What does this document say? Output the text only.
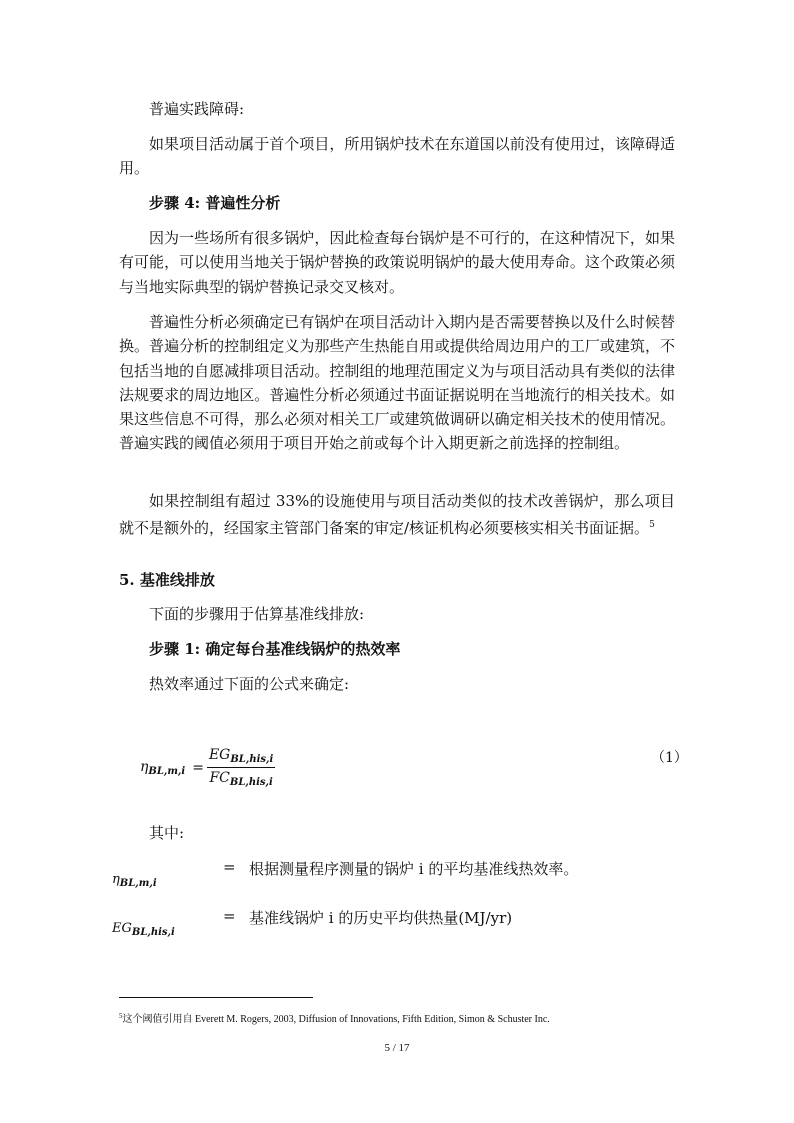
普遍实践障碍:

如果项目活动属于首个项目，所用锅炉技术在东道国以前没有使用过，该障碍适用。

步骤 4: 普遍性分析

因为一些场所有很多锅炉，因此检查每台锅炉是不可行的，在这种情况下，如果有可能，可以使用当地关于锅炉替换的政策说明锅炉的最大使用寿命。这个政策必须与当地实际典型的锅炉替换记录交叉核对。

普遍性分析必须确定已有锅炉在项目活动计入期内是否需要替换以及什么时候替换。普遍分析的控制组定义为那些产生热能自用或提供给周边用户的工厂或建筑，不包括当地的自愿减排项目活动。控制组的地理范围定义为与项目活动具有类似的法律法规要求的周边地区。普遍性分析必须通过书面证据说明在当地流行的相关技术。如果这些信息不可得，那么必须对相关工厂或建筑做调研以确定相关技术的使用情况。普遍实践的阈值必须用于项目开始之前或每个计入期更新之前选择的控制组。

如果控制组有超过 33%的设施使用与项目活动类似的技术改善锅炉，那么项目就不是额外的，经国家主管部门备案的审定/核证机构必须要核实相关书面证据。$^5$

5. 基准线排放

下面的步骤用于估算基准线排放:

步骤 1: 确定每台基准线锅炉的热效率

热效率通过下面的公式来确定:

$\eta_{BL,m,i} = \frac{EG_{BL,his,i}}{FC_{BL,his,i}}$	（1）

其中:

$\eta_{BL,m,i}$
= 根据测量程序测量的锅炉 i 的平均基准线热效率。
$EG_{BL,his,i}$
= 基准线锅炉 i 的历史平均供热量(MJ/yr)
$^5$这个阈值引用自 Everett M. Rogers, 2003, Diffusion of Innovations, Fifth Edition, Simon & Schuster Inc.
5 / 17
